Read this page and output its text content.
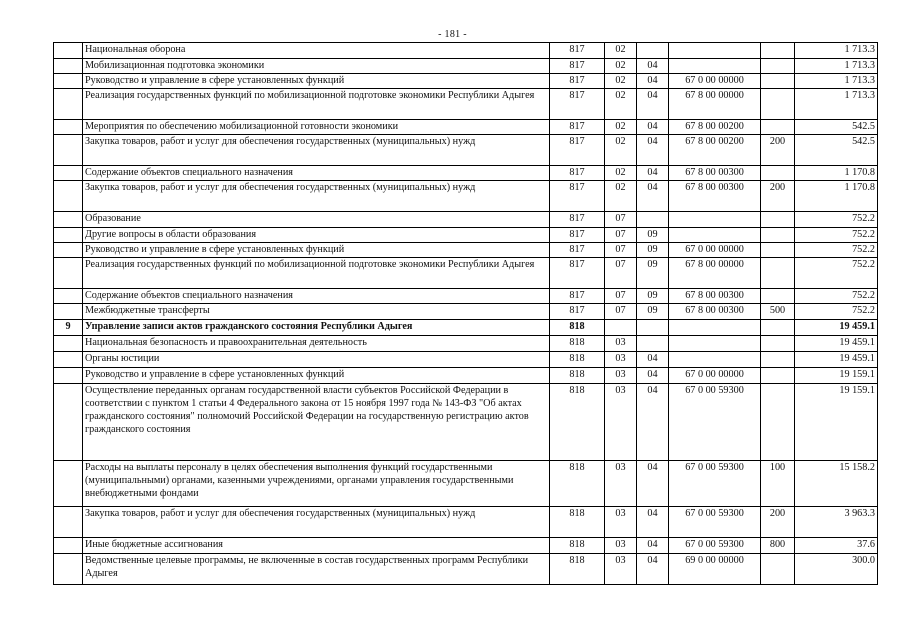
- 181 -
	Национальная оборона	817	02				1 713.3
	Мобилизационная подготовка экономики	817	02	04			1 713.3
	Руководство и управление в сфере установленных функций	817	02	04	67 0 00 00000		1 713.3
	Реализация государственных функций по мобилизационной подготовке экономики Республики Адыгея	817	02	04	67 8 00 00000		1 713.3
	Мероприятия по обеспечению мобилизационной готовности экономики	817	02	04	67 8 00 00200		542.5
	Закупка товаров, работ и услуг для обеспечения государственных (муниципальных) нужд	817	02	04	67 8 00 00200	200	542.5
	Содержание объектов специального назначения	817	02	04	67 8 00 00300		1 170.8
	Закупка товаров, работ и услуг для обеспечения государственных (муниципальных) нужд	817	02	04	67 8 00 00300	200	1 170.8
	Образование	817	07				752.2
	Другие вопросы в области образования	817	07	09			752.2
	Руководство и управление в сфере установленных функций	817	07	09	67 0 00 00000		752.2
	Реализация государственных функций по мобилизационной подготовке экономики Республики Адыгея	817	07	09	67 8 00 00000		752.2
	Содержание объектов специального назначения	817	07	09	67 8 00 00300		752.2
	Межбюджетные трансферты	817	07	09	67 8 00 00300	500	752.2
9	Управление записи актов гражданского состояния Республики Адыгея	818					19 459.1
	Национальная безопасность и правоохранительная деятельность	818	03				19 459.1
	Органы юстиции	818	03	04			19 459.1
	Руководство и управление в сфере установленных функций	818	03	04	67 0 00 00000		19 159.1
	Осуществление переданных органам государственной власти субъектов Российской Федерации в соответствии с пунктом 1 статьи 4 Федерального закона от 15 ноября 1997 года № 143-ФЗ "Об актах гражданского состояния" полномочий Российской Федерации на государственную регистрацию актов гражданского состояния	818	03	04	67 0 00 59300		19 159.1
	Расходы на выплаты персоналу в целях обеспечения выполнения функций государственными (муниципальными) органами, казенными учреждениями, органами управления государственными внебюджетными фондами	818	03	04	67 0 00 59300	100	15 158.2
	Закупка товаров, работ и услуг для обеспечения государственных (муниципальных) нужд	818	03	04	67 0 00 59300	200	3 963.3
	Иные бюджетные ассигнования	818	03	04	67 0 00 59300	800	37.6
	Ведомственные целевые программы, не включенные в состав государственных программ Республики Адыгея	818	03	04	69 0 00 00000		300.0
